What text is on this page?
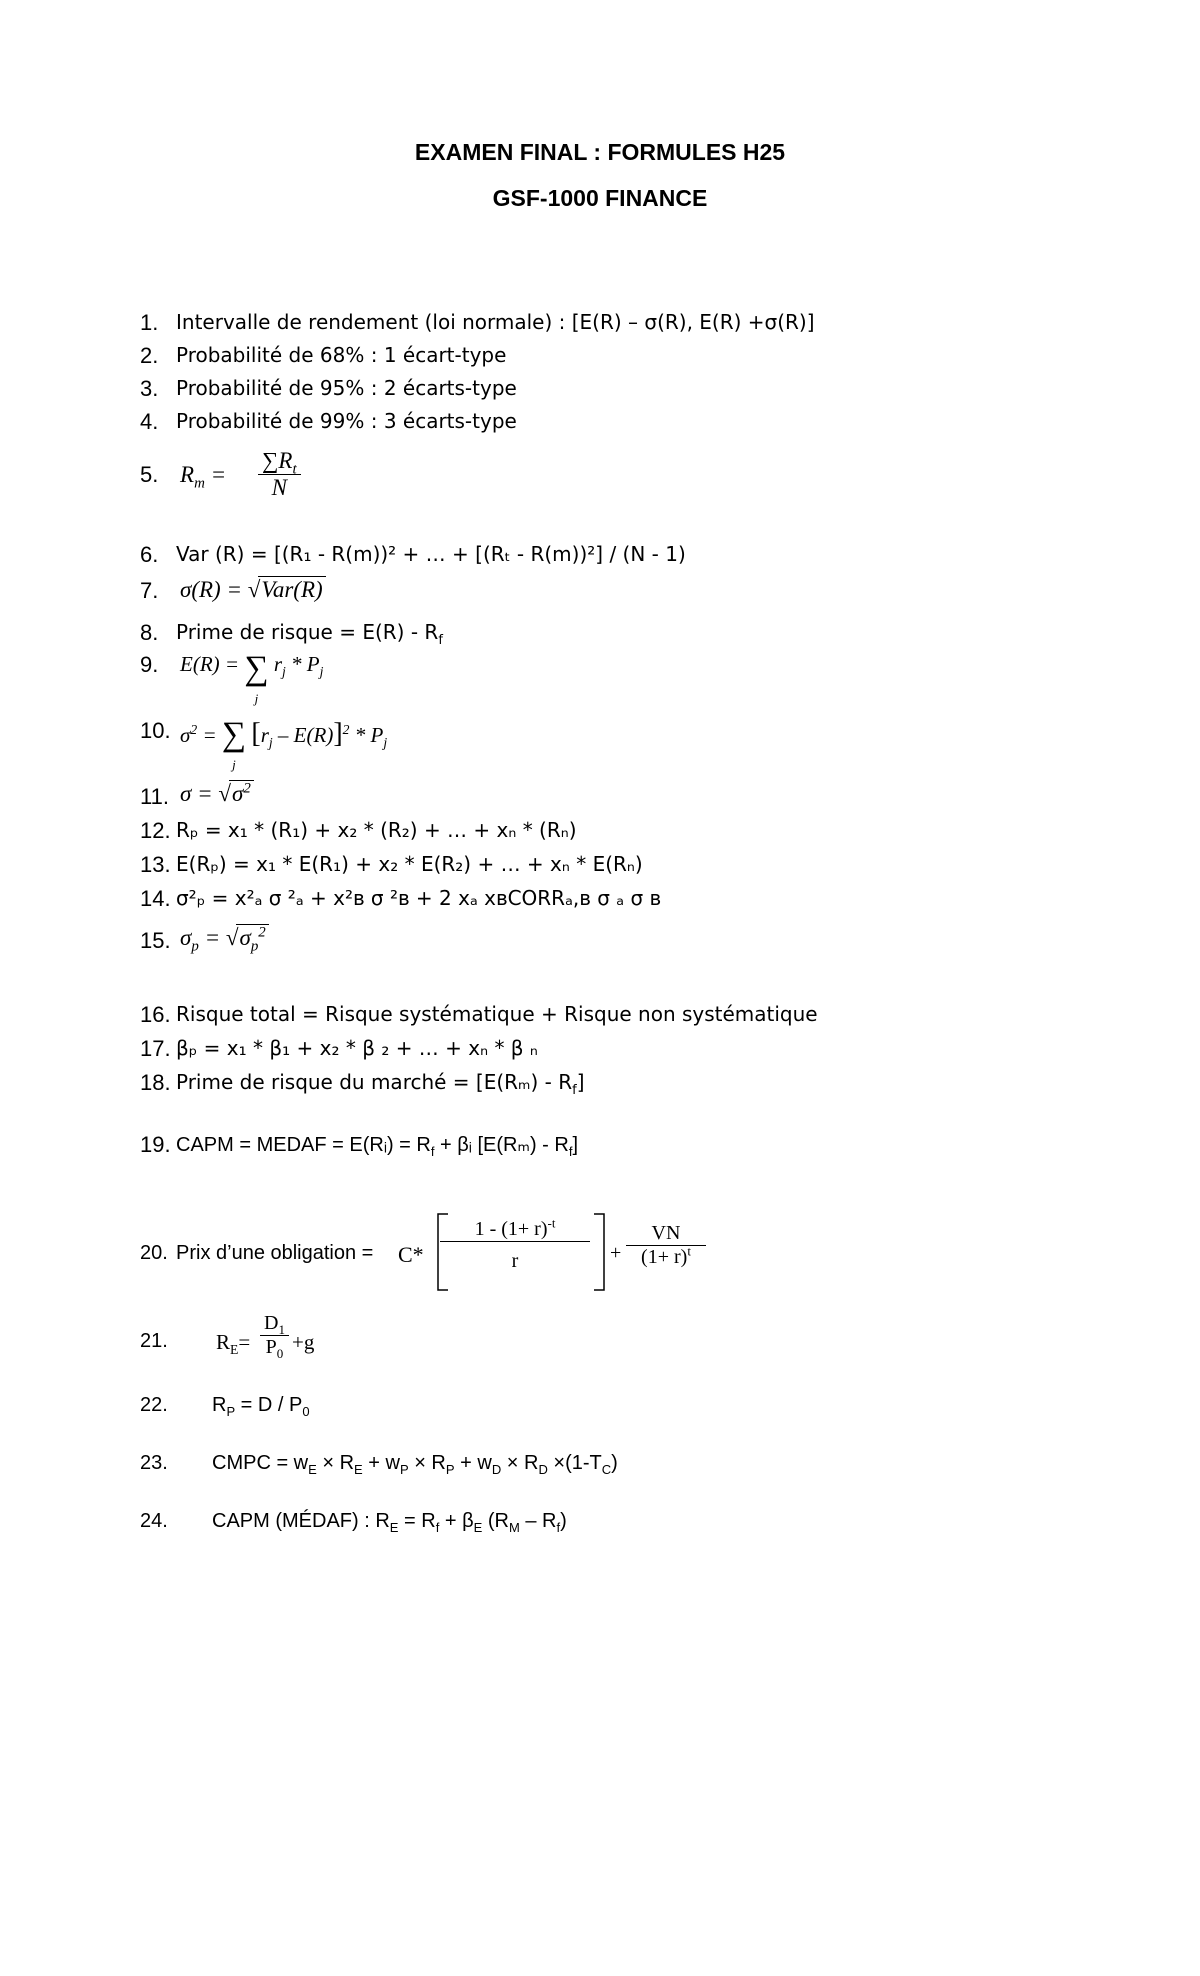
EXAMEN FINAL : FORMULES H25
GSF-1000 FINANCE
1. Intervalle de rendement (loi normale) : [E(R) – σ(R), E(R) +σ(R)]
2. Probabilité de 68% : 1 écart-type
3. Probabilité de 95% : 2 écarts-type
4. Probabilité de 99% : 3 écarts-type
5. $R_m = \frac{\sum R_t}{N}$
6. Var (R) = [(R₁ - R(m))² + … + [(Rₜ - R(m))²] / (N - 1)
7. σ(R) = √Var(R)
8. Prime de risque = $E(R) - R_f$
9.	E(R) = ∑
j $r_j * P_j$
10. $\sigma^2$ = ∑
j $[r_j - E(R)]^2 * P_j$
11. $\sigma = √\sigma^2$
12. Rₚ = x₁ * (R₁) + x₂ * (R₂) + … + xₙ * (Rₙ)
13. E(Rₚ) = x₁ * E(R₁) + x₂ * E(R₂) + … + xₙ * E(Rₙ)
14. σ²ₚ = x²ₐ σ ²ₐ + x²ʙ σ ²ʙ + 2 xₐ xʙCORRₐ,ʙ σ ₐ σ ʙ
15. $\sigma_p = √\sigma_p^2$
16. Risque total = Risque systématique + Risque non systématique
17. βₚ = x₁ * β₁ + x₂ * β ₂ + … + xₙ * β ₙ
18. Prime de risque du marché = $[E(R_m) - R_f]$
19. CAPM = MEDAF = E(Rᵢ) = $R_f$ + βᵢ $[E(R_m) - R_f]$
20. Prix d’une obligation = $C* \frac{1 - (1+ r)^{-t}}{r} + \frac{VN}{(1+ r)^t}$
21.	$R_E= \frac{D_1}{P_0} +g$
22.	$R_P = D / P_0$
23.	CMPC = $w_E \times R_E + w_P \times R_P + w_D \times R_D \times(1-T_C)$
24.	CAPM (MÉDAF) : $R_E = R_f + \beta_E$ $(R_M - R_f)$
